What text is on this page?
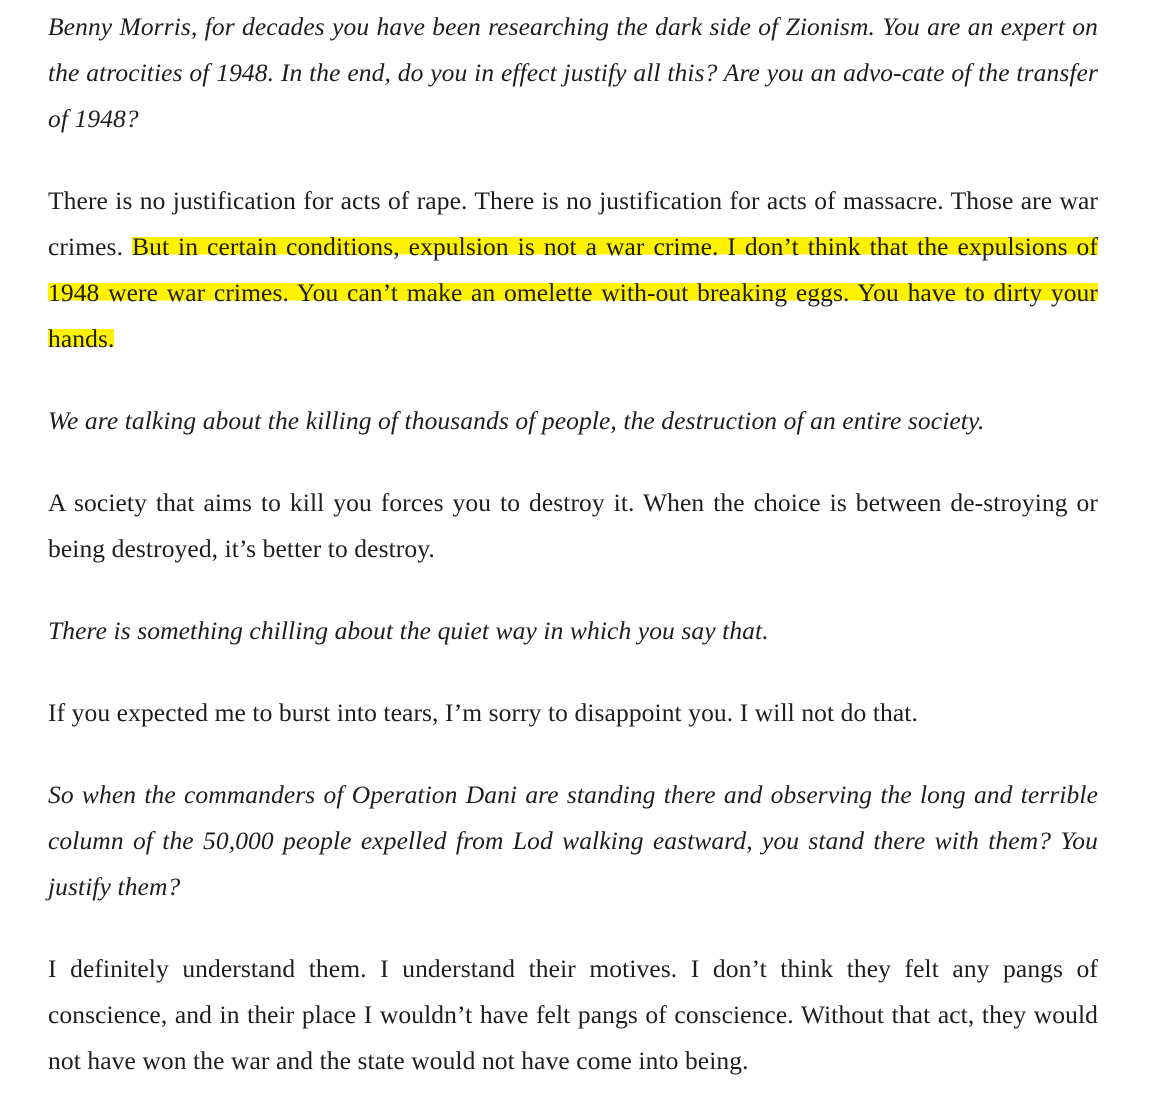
Benny Morris, for decades you have been researching the dark side of Zionism. You are an expert on the atrocities of 1948. In the end, do you in effect justify all this? Are you an advo-cate of the transfer of 1948?

There is no justification for acts of rape. There is no justification for acts of massacre. Those are war crimes. But in certain conditions, expulsion is not a war crime. I don’t think that the expulsions of 1948 were war crimes. You can’t make an omelette with-out breaking eggs. You have to dirty your hands.

We are talking about the killing of thousands of people, the destruction of an entire society.

A society that aims to kill you forces you to destroy it. When the choice is between de-stroying or being destroyed, it’s better to destroy.

There is something chilling about the quiet way in which you say that.

If you expected me to burst into tears, I’m sorry to disappoint you. I will not do that.

So when the commanders of Operation Dani are standing there and observing the long and terrible column of the 50,000 people expelled from Lod walking eastward, you stand there with them? You justify them?

I definitely understand them. I understand their motives. I don’t think they felt any pangs of conscience, and in their place I wouldn’t have felt pangs of conscience. Without that act, they would not have won the war and the state would not have come into being.
